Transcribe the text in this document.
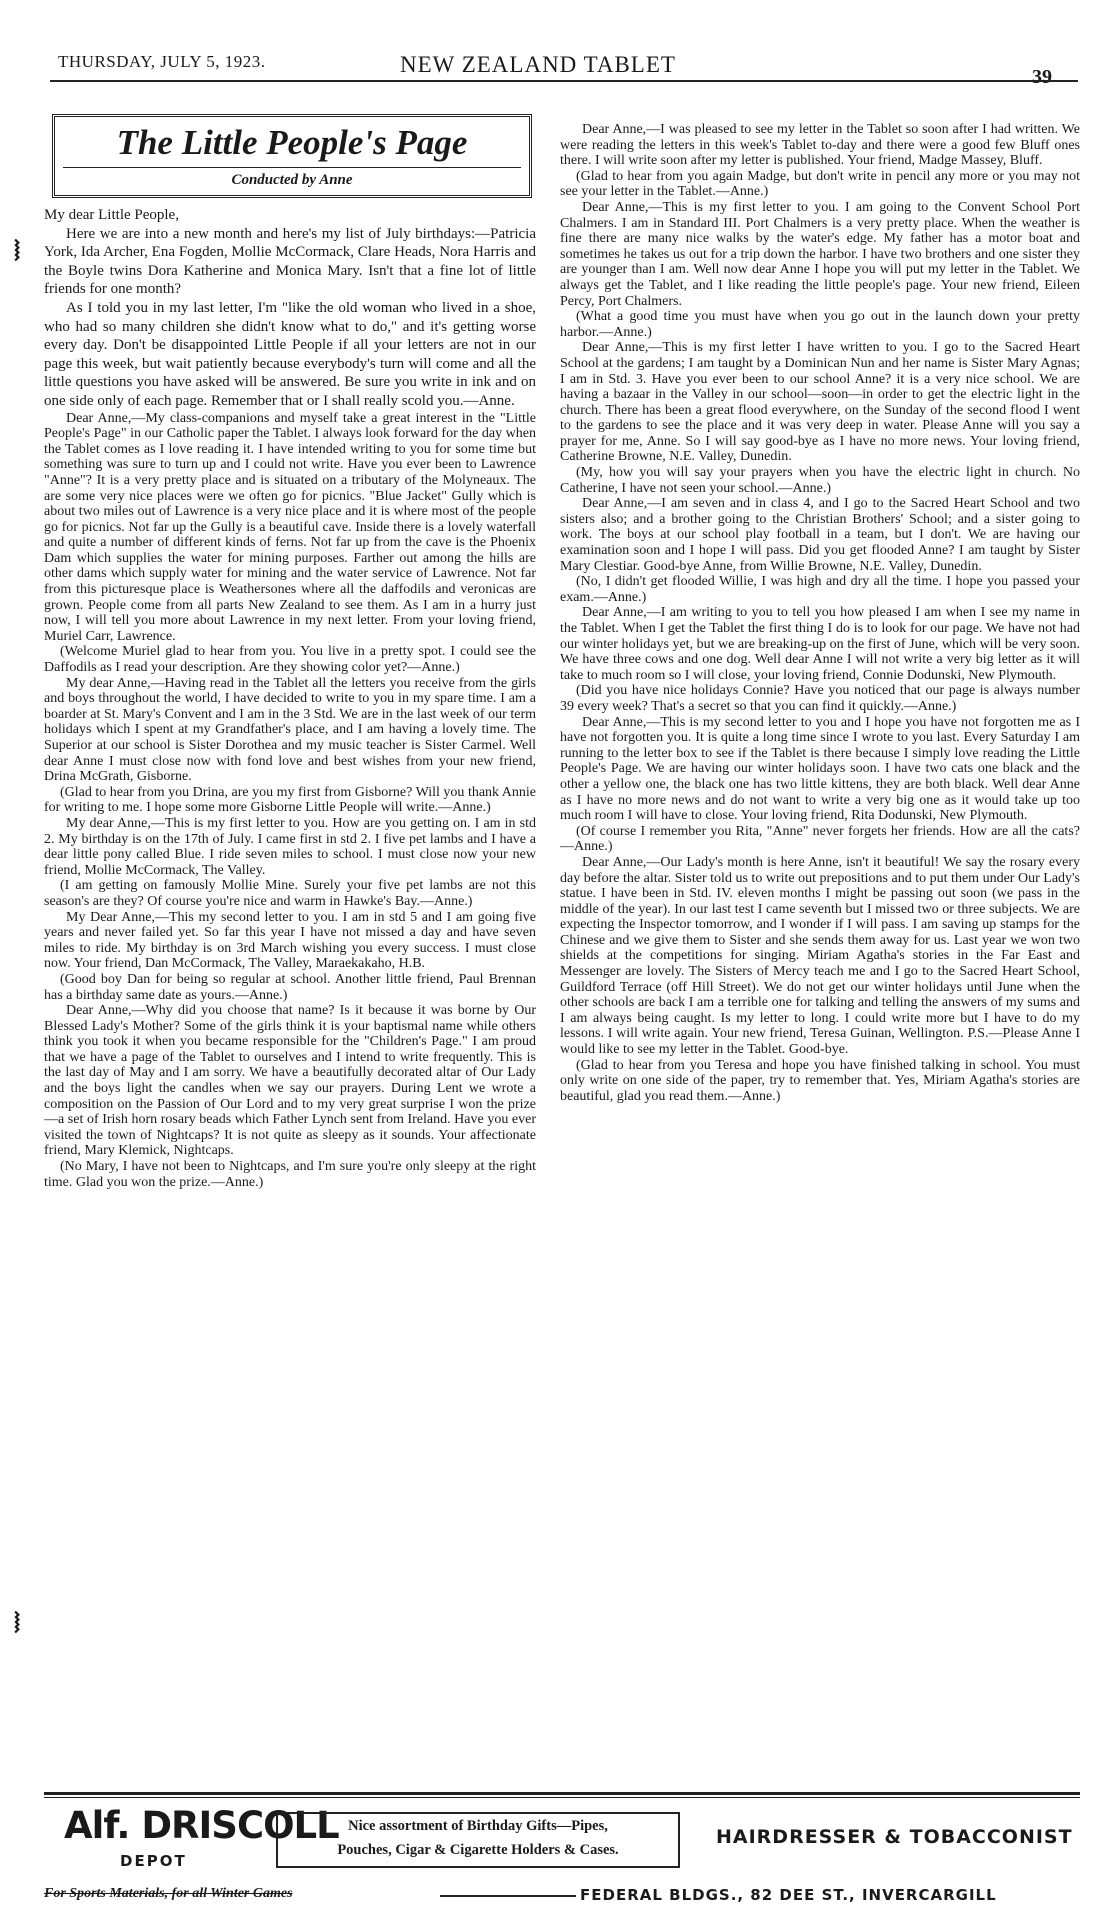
THURSDAY, JULY 5, 1923.	NEW ZEALAND TABLET	39
The Little People's Page
Conducted by Anne

My dear Little People,

Here we are into a new month and here's my list of July birthdays:—Patricia York, Ida Archer, Ena Fogden, Mollie McCormack, Clare Heads, Nora Harris and the Boyle twins Dora Katherine and Monica Mary. Isn't that a fine lot of little friends for one month?

As I told you in my last letter, I'm "like the old woman who lived in a shoe, who had so many children she didn't know what to do," and it's getting worse every day. Don't be disappointed Little People if all your letters are not in our page this week, but wait patiently because everybody's turn will come and all the little questions you have asked will be answered. Be sure you write in ink and on one side only of each page. Remember that or I shall really scold you.—Anne.

Dear Anne,—My class-companions and myself take a great interest in the "Little People's Page" in our Catholic paper the Tablet. I always look forward for the day when the Tablet comes as I love reading it. I have intended writing to you for some time but something was sure to turn up and I could not write. Have you ever been to Lawrence "Anne"? It is a very pretty place and is situated on a tributary of the Molyneaux. The are some very nice places were we often go for picnics. "Blue Jacket" Gully which is about two miles out of Lawrence is a very nice place and it is where most of the people go for picnics. Not far up the Gully is a beautiful cave. Inside there is a lovely waterfall and quite a number of different kinds of ferns. Not far up from the cave is the Phoenix Dam which supplies the water for mining purposes. Farther out among the hills are other dams which supply water for mining and the water service of Lawrence. Not far from this picturesque place is Weathersones where all the daffodils and veronicas are grown. People come from all parts New Zealand to see them. As I am in a hurry just now, I will tell you more about Lawrence in my next letter. From your loving friend, Muriel Carr, Lawrence.

(Welcome Muriel glad to hear from you. You live in a pretty spot. I could see the Daffodils as I read your description. Are they showing color yet?—Anne.)

My dear Anne,—Having read in the Tablet all the letters you receive from the girls and boys throughout the world, I have decided to write to you in my spare time. I am a boarder at St. Mary's Convent and I am in the 3 Std. We are in the last week of our term holidays which I spent at my Grandfather's place, and I am having a lovely time. The Superior at our school is Sister Dorothea and my music teacher is Sister Carmel. Well dear Anne I must close now with fond love and best wishes from your new friend, Drina McGrath, Gisborne.

(Glad to hear from you Drina, are you my first from Gisborne? Will you thank Annie for writing to me. I hope some more Gisborne Little People will write.—Anne.)

My dear Anne,—This is my first letter to you. How are you getting on. I am in std 2. My birthday is on the 17th of July. I came first in std 2. I five pet lambs and I have a dear little pony called Blue. I ride seven miles to school. I must close now your new friend, Mollie McCormack, The Valley.

(I am getting on famously Mollie Mine. Surely your five pet lambs are not this season's are they? Of course you're nice and warm in Hawke's Bay.—Anne.)

My Dear Anne,—This my second letter to you. I am in std 5 and I am going five years and never failed yet. So far this year I have not missed a day and have seven miles to ride. My birthday is on 3rd March wishing you every success. I must close now. Your friend, Dan McCormack, The Valley, Maraekakaho, H.B.

(Good boy Dan for being so regular at school. Another little friend, Paul Brennan has a birthday same date as yours.—Anne.)

Dear Anne,—Why did you choose that name? Is it because it was borne by Our Blessed Lady's Mother? Some of the girls think it is your baptismal name while others think you took it when you became responsible for the "Children's Page." I am proud that we have a page of the Tablet to ourselves and I intend to write frequently. This is the last day of May and I am sorry. We have a beautifully decorated altar of Our Lady and the boys light the candles when we say our prayers. During Lent we wrote a composition on the Passion of Our Lord and to my very great surprise I won the prize—a set of Irish horn rosary beads which Father Lynch sent from Ireland. Have you ever visited the town of Nightcaps? It is not quite as sleepy as it sounds. Your affectionate friend, Mary Klemick, Nightcaps.

(No Mary, I have not been to Nightcaps, and I'm sure you're only sleepy at the right time. Glad you won the prize.—Anne.)

Dear Anne,—I was pleased to see my letter in the Tablet so soon after I had written. We were reading the letters in this week's Tablet to-day and there were a good few Bluff ones there. I will write soon after my letter is published. Your friend, Madge Massey, Bluff.

(Glad to hear from you again Madge, but don't write in pencil any more or you may not see your letter in the Tablet.—Anne.)

Dear Anne,—This is my first letter to you. I am going to the Convent School Port Chalmers. I am in Standard III. Port Chalmers is a very pretty place. When the weather is fine there are many nice walks by the water's edge. My father has a motor boat and sometimes he takes us out for a trip down the harbor. I have two brothers and one sister they are younger than I am. Well now dear Anne I hope you will put my letter in the Tablet. We always get the Tablet, and I like reading the little people's page. Your new friend, Eileen Percy, Port Chalmers.

(What a good time you must have when you go out in the launch down your pretty harbor.—Anne.)

Dear Anne,—This is my first letter I have written to you. I go to the Sacred Heart School at the gardens; I am taught by a Dominican Nun and her name is Sister Mary Agnas; I am in Std. 3. Have you ever been to our school Anne? it is a very nice school. We are having a bazaar in the Valley in our school—soon—in order to get the electric light in the church. There has been a great flood everywhere, on the Sunday of the second flood I went to the gardens to see the place and it was very deep in water. Please Anne will you say a prayer for me, Anne. So I will say good-bye as I have no more news. Your loving friend, Catherine Browne, N.E. Valley, Dunedin.

(My, how you will say your prayers when you have the electric light in church. No Catherine, I have not seen your school.—Anne.)

Dear Anne,—I am seven and in class 4, and I go to the Sacred Heart School and two sisters also; and a brother going to the Christian Brothers' School; and a sister going to work. The boys at our school play football in a team, but I don't. We are having our examination soon and I hope I will pass. Did you get flooded Anne? I am taught by Sister Mary Clestiar. Good-bye Anne, from Willie Browne, N.E. Valley, Dunedin.

(No, I didn't get flooded Willie, I was high and dry all the time. I hope you passed your exam.—Anne.)

Dear Anne,—I am writing to you to tell you how pleased I am when I see my name in the Tablet. When I get the Tablet the first thing I do is to look for our page. We have not had our winter holidays yet, but we are breaking-up on the first of June, which will be very soon. We have three cows and one dog. Well dear Anne I will not write a very big letter as it will take to much room so I will close, your loving friend, Connie Dodunski, New Plymouth.

(Did you have nice holidays Connie? Have you noticed that our page is always number 39 every week? That's a secret so that you can find it quickly.—Anne.)

Dear Anne,—This is my second letter to you and I hope you have not forgotten me as I have not forgotten you. It is quite a long time since I wrote to you last. Every Saturday I am running to the letter box to see if the Tablet is there because I simply love reading the Little People's Page. We are having our winter holidays soon. I have two cats one black and the other a yellow one, the black one has two little kittens, they are both black. Well dear Anne as I have no more news and do not want to write a very big one as it would take up too much room I will have to close. Your loving friend, Rita Dodunski, New Plymouth.

(Of course I remember you Rita, "Anne" never forgets her friends. How are all the cats?—Anne.)

Dear Anne,—Our Lady's month is here Anne, isn't it beautiful! We say the rosary every day before the altar. Sister told us to write out prepositions and to put them under Our Lady's statue. I have been in Std. IV. eleven months I might be passing out soon (we pass in the middle of the year). In our last test I came seventh but I missed two or three subjects. We are expecting the Inspector tomorrow, and I wonder if I will pass. I am saving up stamps for the Chinese and we give them to Sister and she sends them away for us. Last year we won two shields at the competitions for singing. Miriam Agatha's stories in the Far East and Messenger are lovely. The Sisters of Mercy teach me and I go to the Sacred Heart School, Guildford Terrace (off Hill Street). We do not get our winter holidays until June when the other schools are back I am a terrible one for talking and telling the answers of my sums and I am always being caught. Is my letter to long. I could write more but I have to do my lessons. I will write again. Your new friend, Teresa Guinan, Wellington. P.S.—Please Anne I would like to see my letter in the Tablet. Good-bye.

(Glad to hear from you Teresa and hope you have finished talking in school. You must only write on one side of the paper, try to remember that. Yes, Miriam Agatha's stories are beautiful, glad you read them.—Anne.)

⧘
⧘
Alf. DRISCOLL
DEPOT
Nice assortment of Birthday Gifts—Pipes,
Pouches, Cigar & Cigarette Holders & Cases.
HAIRDRESSER & TOBACCONIST
For Sports Materials, for all Winter Games	FEDERAL BLDGS., 82 DEE ST., INVERCARGILL
